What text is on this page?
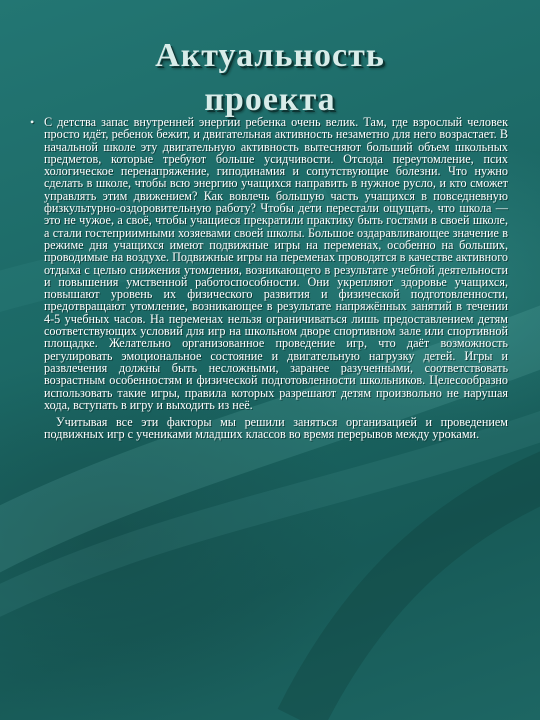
Актуальность
проекта

• С детства запас внутренней энергии ребенка очень велик. Там, где взрослый человек просто идёт, ребенок бежит, и двигательная активность незаметно для него возрастает. В начальной школе эту двигательную активность вытесняют больший объем школьных предметов, которые требуют больше усидчивости. Отсюда переутомление, псих хологическое перенапряжение, гиподинамия и сопутствующие болезни. Что нужно сделать в школе, чтобы всю энергию учащихся направить в нужное русло, и кто сможет управлять этим движением? Как вовлечь большую часть учащихся в повседневную физкультурно-оздоровительную работу? Чтобы дети перестали ощущать, что школа — это не чужое, а своё, чтобы учащиеся прекратили практику быть гостями в своей школе, а стали гостеприимными хозяевами своей школы. Большое оздаравливающее значение в режиме дня учащихся имеют подвижные игры на переменах, особенно на больших, проводимые на воздухе. Подвижные игры на переменах проводятся в качестве активного отдыха с целью снижения утомления, возникающего в результате учебной деятельности и повышения умственной работоспособности. Они укрепляют здоровье учащихся, повышают уровень их физического развития и физической подготовленности, предотвращают утомление, возникающее в результате напряжённых занятий в течении 4-5 учебных часов. На переменах нельзя ограничиваться лишь предоставлением детям соответствующих условий для игр на школьном дворе спортивном зале или спортивной площадке. Желательно организованное проведение игр, что даёт возможность регулировать эмоциональное состояние и двигательную нагрузку детей. Игры и развлечения должны быть несложными, заранее разученными, соответствовать возрастным особенностям и физической подготовленности школьников. Целесообразно использовать такие игры, правила которых разрешают детям произвольно не нарушая хода, вступать в игру и выходить из неё.

Учитывая все эти факторы мы решили заняться организацией и проведением подвижных игр с учениками младших классов во время перерывов между уроками.
